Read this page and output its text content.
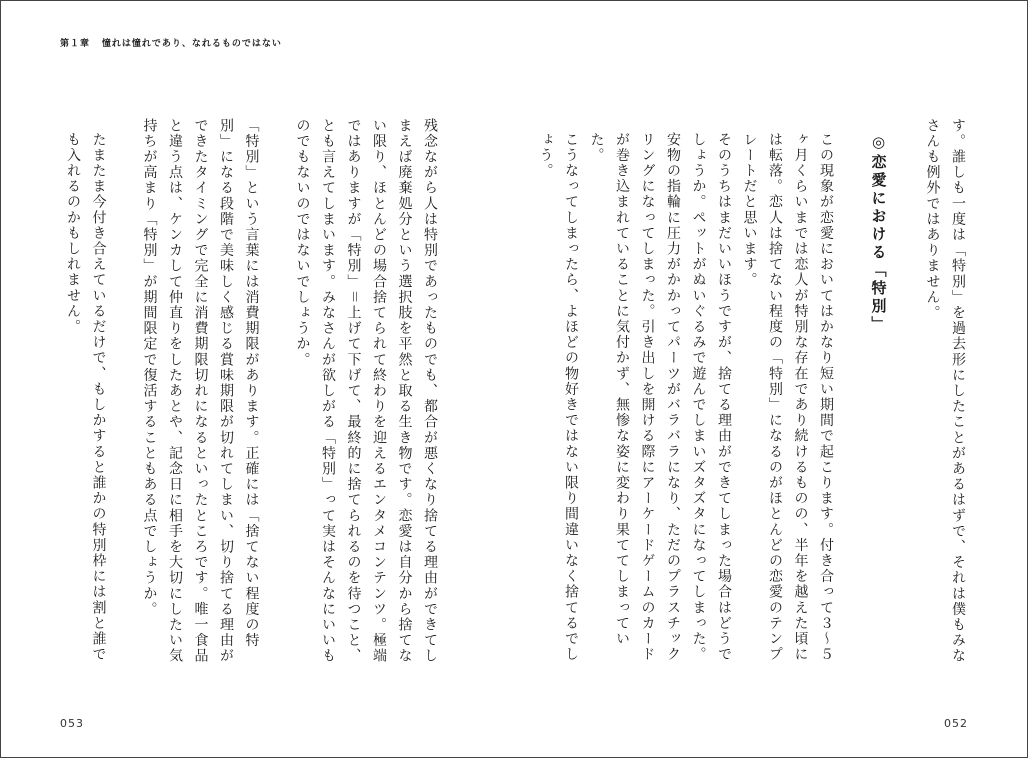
第１章 憧れは憧れであり、なれるものではない

す。誰しも一度は「特別」を過去形にしたことがあるはずで、それは僕もみなさんも例外ではありません。

◎恋愛における「特別」

この現象が恋愛においてはかなり短い期間で起こります。付き合って３〜５ヶ月くらいまでは恋人が特別な存在であり続けるものの、半年を越えた頃には転落。恋人は捨てない程度の「特別」になるのがほとんどの恋愛のテンプレートだと思います。

そのうちはまだいいほうですが、捨てる理由ができてしまった場合はどうでしょうか。ペットがぬいぐるみで遊んでしまいズタズタになってしまった。安物の指輪に圧力がかかってパーツがバラバラになり、ただのプラスチックリングになってしまった。引き出しを開ける際にアーケードゲームのカードが巻き込まれていることに気付かず、無惨な姿に変わり果ててしまっていた。

こうなってしまったら、よほどの物好きではない限り間違いなく捨てるでしょう。

残念ながら人は特別であったものでも、都合が悪くなり捨てる理由ができてしまえば廃棄処分という選択肢を平然と取る生き物です。恋愛は自分から捨てない限り、ほとんどの場合捨てられて終わりを迎えるエンタメコンテンツ。極端ではありますが「特別」＝上げて下げて、最終的に捨てられるのを待つこと、とも言えてしまいます。みなさんが欲しがる「特別」って実はそんなにいいものでもないのではないでしょうか。

「特別」という言葉には消費期限があります。正確には「捨てない程度の特別」になる段階で美味しく感じる賞味期限が切れてしまい、切り捨てる理由ができたタイミングで完全に消費期限切れになるといったところです。唯一食品と違う点は、ケンカして仲直りをしたあとや、記念日に相手を大切にしたい気持ちが高まり「特別」が期間限定で復活することもある点でしょうか。

たまたま今付き合えているだけで、もしかすると誰かの特別枠には割と誰でも入れるのかもしれません。

053	052
